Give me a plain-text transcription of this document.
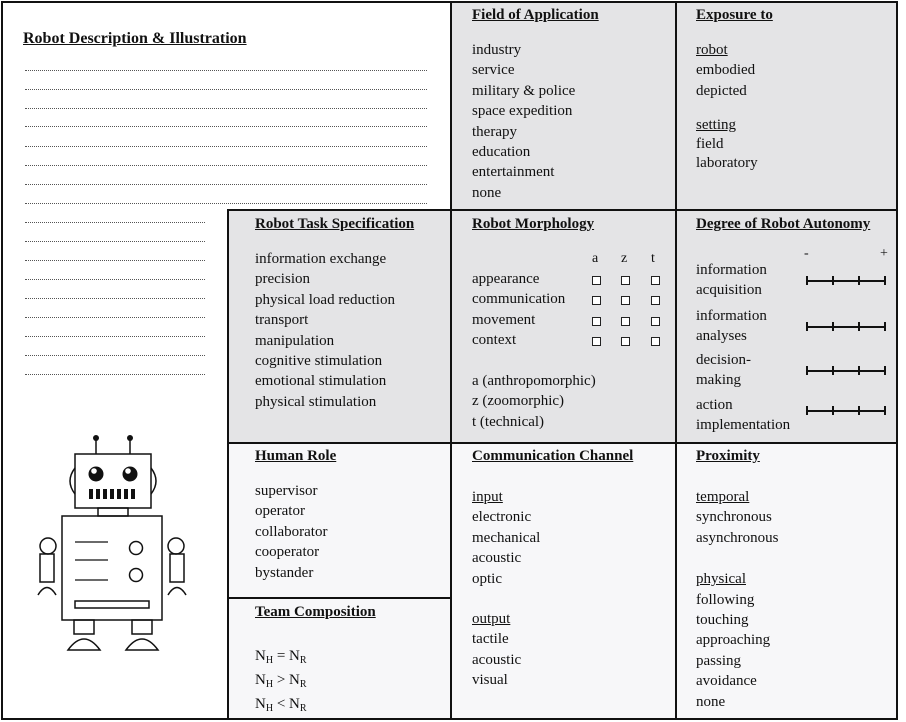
Robot Description & Illustration
Field of Application
industry
service
military & police
space expedition
therapy
education
entertainment
none
Exposure to
robot
embodied
depicted
setting
field
laboratory
Robot Task Specification
information exchange
precision
physical load reduction
transport
manipulation
cognitive stimulation
emotional stimulation
physical stimulation
Robot Morphology
a z t
appearance
communication
movement
context
a (anthropomorphic)
z (zoomorphic)
t (technical)
Degree of Robot Autonomy
-	+
information
acquisition
information
analyses
decision-
making
action
implementation
Human Role
supervisor
operator
collaborator
cooperator
bystander
Team Composition
$N_H = N_R$
$N_H > N_R$
$N_H < N_R$
Communication Channel
input
electronic
mechanical
acoustic
optic
output
tactile
acoustic
visual
Proximity
temporal
synchronous
asynchronous
physical
following
touching
approaching
passing
avoidance
none
